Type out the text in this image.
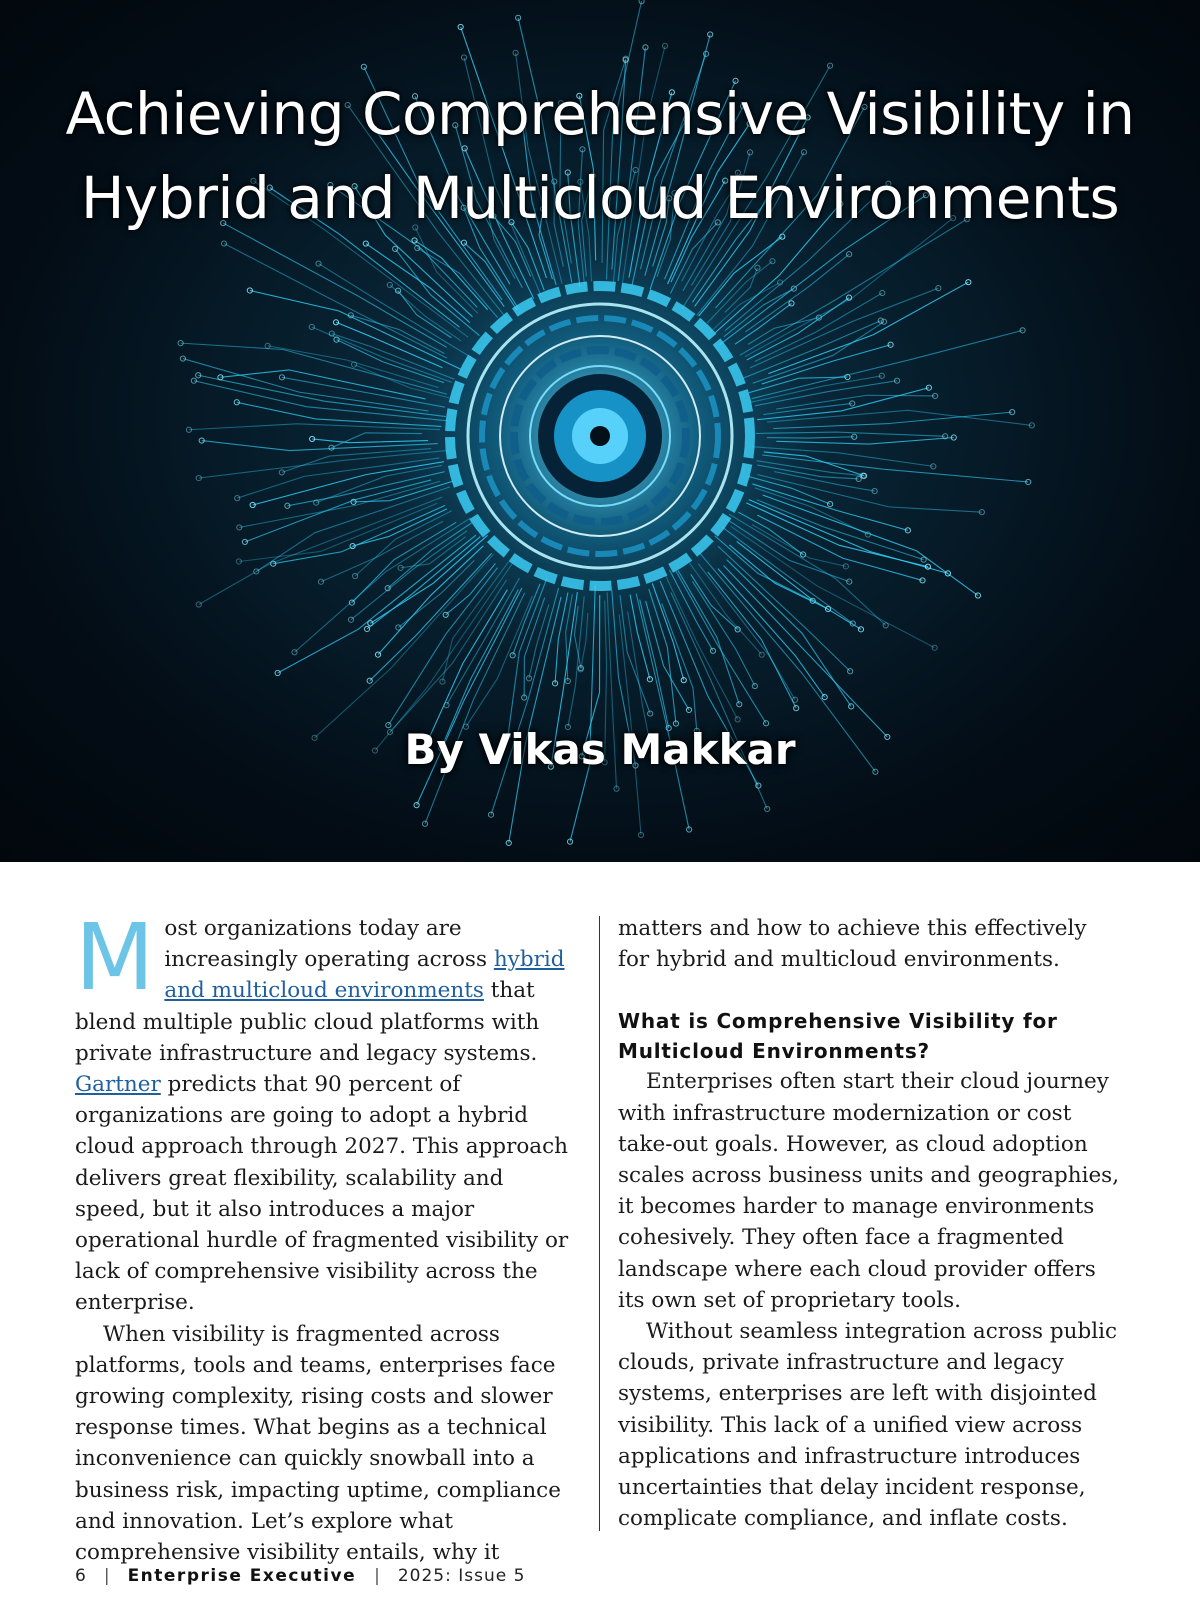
Achieving Comprehensive Visibility in
Hybrid and Multicloud Environments
By Vikas Makkar

Most organizations today are increasingly operating across hybrid and multicloud environments that blend multiple public cloud platforms with private infrastructure and legacy systems. Gartner predicts that 90 percent of organizations are going to adopt a hybrid cloud approach through 2027. This approach delivers great flexibility, scalability and speed, but it also introduces a major operational hurdle of fragmented visibility or lack of comprehensive visibility across the enterprise.

When visibility is fragmented across platforms, tools and teams, enterprises face growing complexity, rising costs and slower response times. What begins as a technical inconvenience can quickly snowball into a business risk, impacting uptime, compliance and innovation. Let’s explore what comprehensive visibility entails, why it

matters and how to achieve this effectively for hybrid and multicloud environments.

What is Comprehensive Visibility for Multicloud Environments?

Enterprises often start their cloud journey with infrastructure modernization or cost take-out goals. However, as cloud adoption scales across business units and geographies, it becomes harder to manage environments cohesively. They often face a fragmented landscape where each cloud provider offers its own set of proprietary tools.

Without seamless integration across public clouds, private infrastructure and legacy systems, enterprises are left with disjointed visibility. This lack of a unified view across applications and infrastructure introduces uncertainties that delay incident response, complicate compliance, and inflate costs.

6 | Enterprise Executive | 2025: Issue 5
